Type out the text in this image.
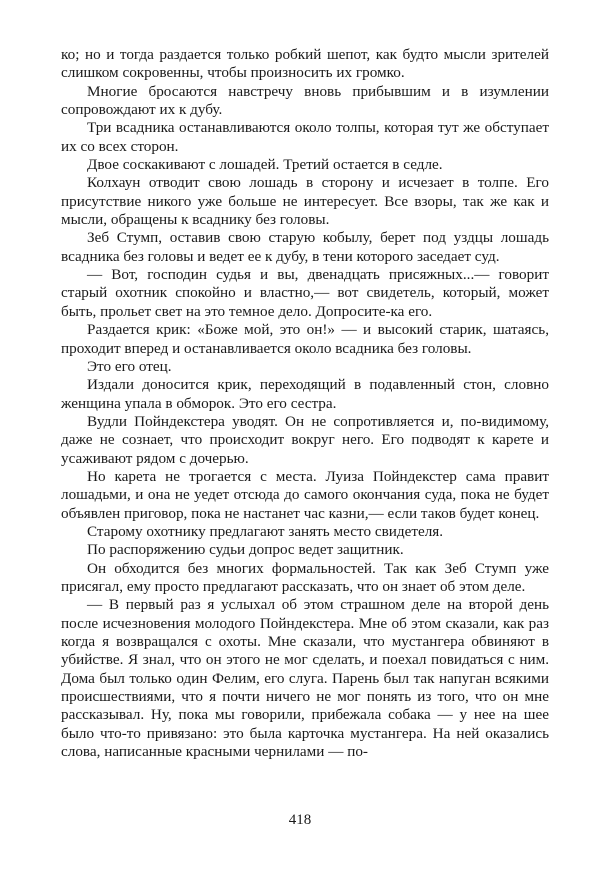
ко; но и тогда раздается только робкий шепот, как будто мысли зрителей слишком сокровенны, чтобы произносить их громко.

Многие бросаются навстречу вновь прибывшим и в изумлении сопровождают их к дубу.

Три всадника останавливаются около толпы, которая тут же обступает их со всех сторон.

Двое соскакивают с лошадей. Третий остается в седле.

Колхаун отводит свою лошадь в сторону и исчезает в толпе. Его присутствие никого уже больше не интересует. Все взоры, так же как и мысли, обращены к всаднику без головы.

Зеб Стумп, оставив свою старую кобылу, берет под уздцы лошадь всадника без головы и ведет ее к дубу, в тени которого заседает суд.

— Вот, господин судья и вы, двенадцать присяжных...— говорит старый охотник спокойно и властно,— вот свидетель, который, может быть, прольет свет на это темное дело. Допросите-ка его.

Раздается крик: «Боже мой, это он!» — и высокий старик, шатаясь, проходит вперед и останавливается около всадника без головы.

Это его отец.

Издали доносится крик, переходящий в подавленный стон, словно женщина упала в обморок. Это его сестра.

Вудли Пойндекстера уводят. Он не сопротивляется и, по-видимому, даже не сознает, что происходит вокруг него. Его подводят к карете и усаживают рядом с дочерью.

Но карета не трогается с места. Луиза Пойндекстер сама правит лошадьми, и она не уедет отсюда до самого окончания суда, пока не будет объявлен приговор, пока не настанет час казни,— если таков будет конец.

Старому охотнику предлагают занять место свидетеля.

По распоряжению судьи допрос ведет защитник.

Он обходится без многих формальностей. Так как Зеб Стумп уже присягал, ему просто предлагают рассказать, что он знает об этом деле.

— В первый раз я услыхал об этом страшном деле на второй день после исчезновения молодого Пойндекстера. Мне об этом сказали, как раз когда я возвращался с охоты. Мне сказали, что мустангера обвиняют в убийстве. Я знал, что он этого не мог сделать, и поехал повидаться с ним. Дома был только один Фелим, его слуга. Парень был так напуган всякими происшествиями, что я почти ничего не мог понять из того, что он мне рассказывал. Ну, пока мы говорили, прибежала собака — у нее на шее было что-то привязано: это была карточка мустангера. На ней оказались слова, написанные красными чернилами — по-

418
